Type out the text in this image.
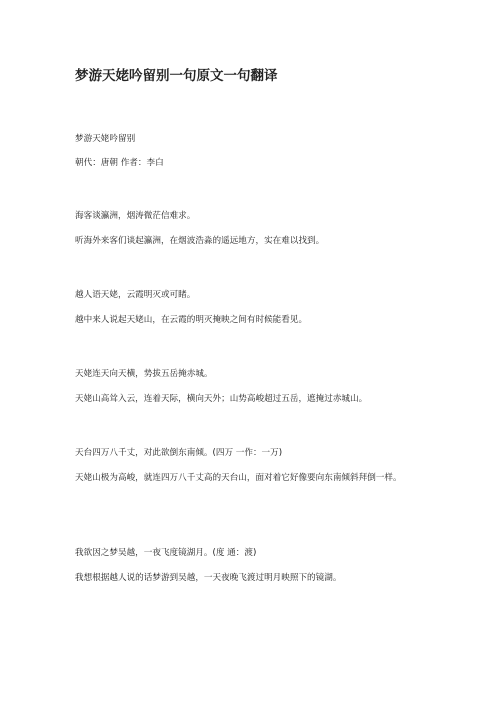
梦游天姥吟留别一句原文一句翻译

梦游天姥吟留别

朝代：唐朝 作者：李白

海客谈瀛洲，烟涛微茫信难求。

听海外来客们谈起瀛洲，在烟波浩淼的遥远地方，实在难以找到。

越人语天姥，云霞明灭或可睹。

越中来人说起天姥山，在云霞的明灭掩映之间有时候能看见。

天姥连天向天横，势拔五岳掩赤城。

天姥山高耸入云，连着天际，横向天外；山势高峻超过五岳，遮掩过赤城山。

天台四万八千丈，对此欲倒东南倾。(四万 一作：一万)

天姥山极为高峻，就连四万八千丈高的天台山，面对着它好像要向东南倾斜拜倒一样。

我欲因之梦吴越，一夜飞度镜湖月。(度 通：渡)

我想根据越人说的话梦游到吴越，一天夜晚飞渡过明月映照下的镜湖。
